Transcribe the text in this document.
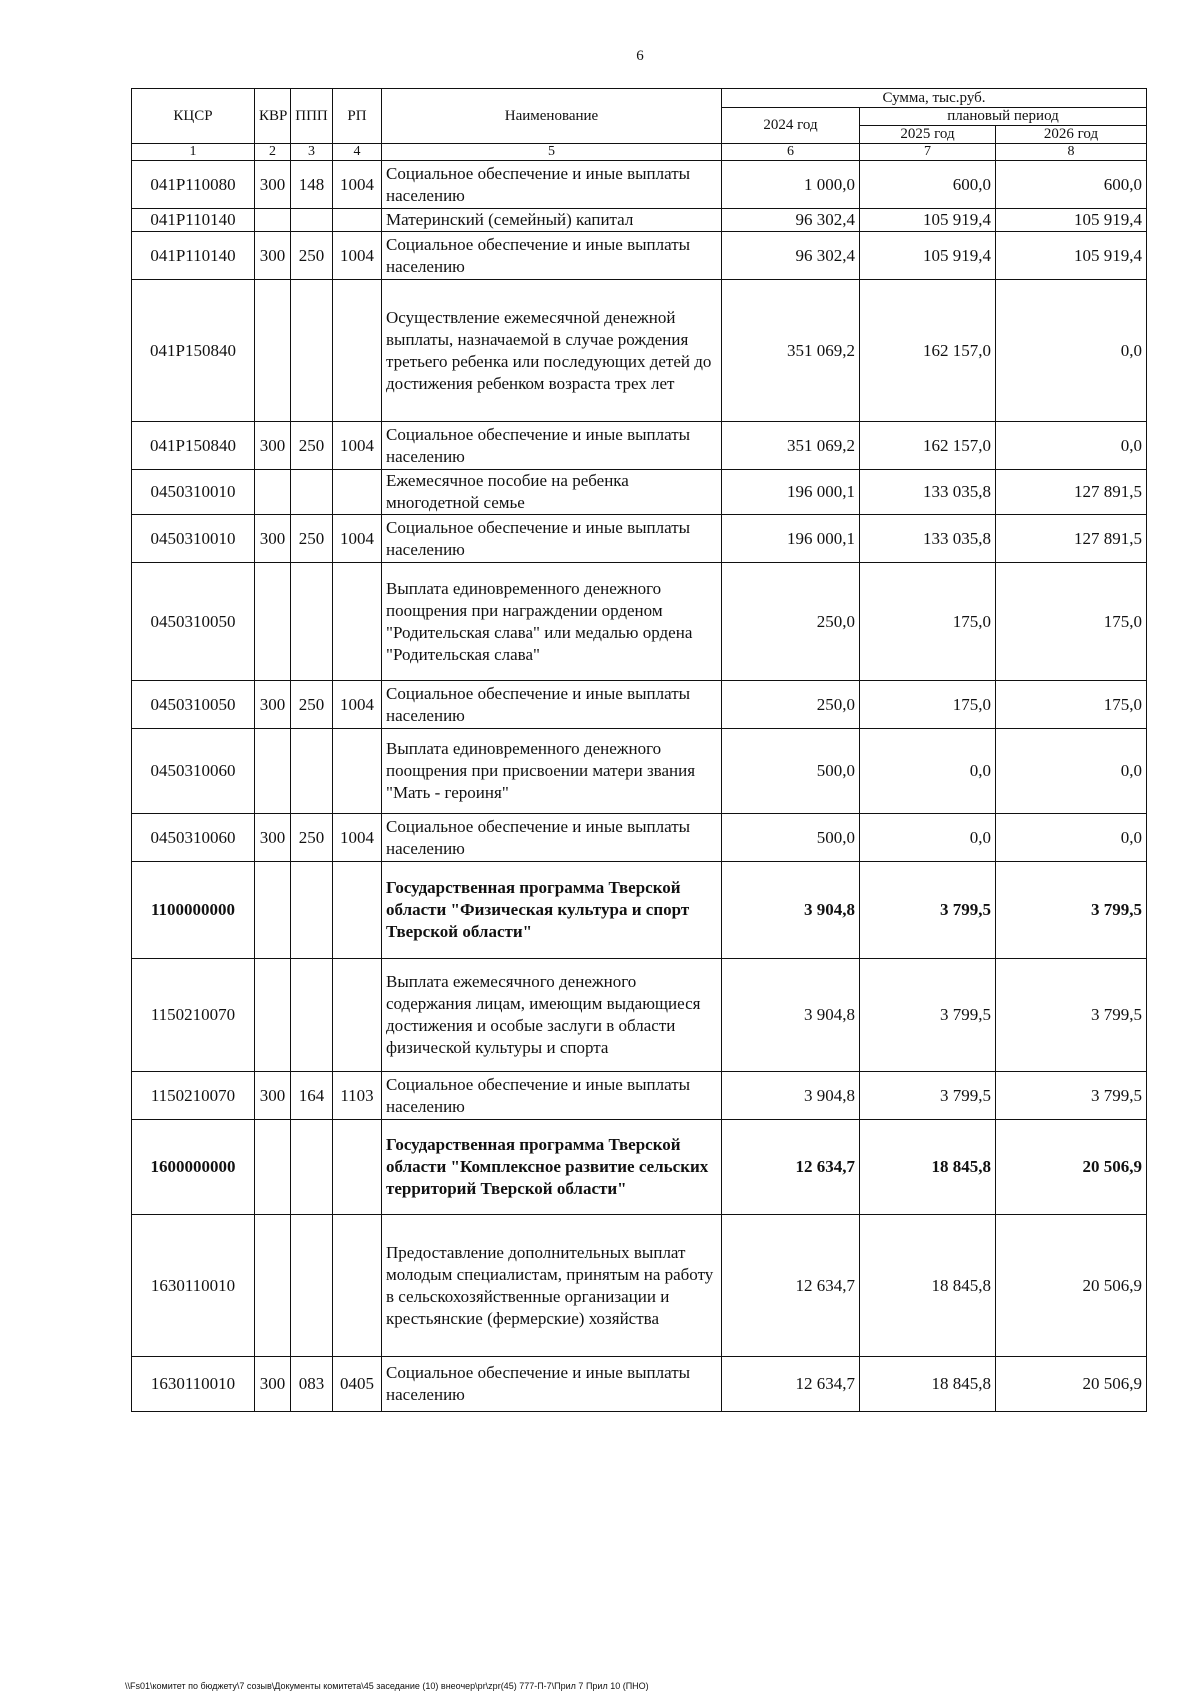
6
КЦСР	КВР	ППП	РП	Наименование	Сумма, тыс.руб.		
					2024 год	плановый период	
						2025 год	2026 год
1	2	3	4	5	6	7	8
041P110080	300	148	1004	Социальное обеспечение и иные выплаты населению	1 000,0	600,0	600,0
041P110140				Материнский (семейный) капитал	96 302,4	105 919,4	105 919,4
041P110140	300	250	1004	Социальное обеспечение и иные выплаты населению	96 302,4	105 919,4	105 919,4
041P150840				Осуществление ежемесячной денежной выплаты, назначаемой в случае рождения третьего ребенка или последующих детей до достижения ребенком возраста трех лет	351 069,2	162 157,0	0,0
041P150840	300	250	1004	Социальное обеспечение и иные выплаты населению	351 069,2	162 157,0	0,0
0450310010				Ежемесячное пособие на ребенка многодетной семье	196 000,1	133 035,8	127 891,5
0450310010	300	250	1004	Социальное обеспечение и иные выплаты населению	196 000,1	133 035,8	127 891,5
0450310050				Выплата единовременного денежного поощрения при награждении орденом "Родительская слава" или медалью ордена "Родительская слава"	250,0	175,0	175,0
0450310050	300	250	1004	Социальное обеспечение и иные выплаты населению	250,0	175,0	175,0
0450310060				Выплата единовременного денежного поощрения при присвоении матери звания "Мать - героиня"	500,0	0,0	0,0
0450310060	300	250	1004	Социальное обеспечение и иные выплаты населению	500,0	0,0	0,0
1100000000				Государственная программа Тверской области "Физическая культура и спорт Тверской области"	3 904,8	3 799,5	3 799,5
1150210070				Выплата ежемесячного денежного содержания лицам, имеющим выдающиеся достижения и особые заслуги в области физической культуры и спорта	3 904,8	3 799,5	3 799,5
1150210070	300	164	1103	Социальное обеспечение и иные выплаты населению	3 904,8	3 799,5	3 799,5
1600000000				Государственная программа Тверской области "Комплексное развитие сельских территорий Тверской области"	12 634,7	18 845,8	20 506,9
1630110010				Предоставление дополнительных выплат молодым специалистам, принятым на работу в сельскохозяйственные организации и крестьянские (фермерские) хозяйства	12 634,7	18 845,8	20 506,9
1630110010	300	083	0405	Социальное обеспечение и иные выплаты населению	12 634,7	18 845,8	20 506,9
\\Fs01\комитет по бюджету\7 созыв\Документы комитета\45 заседание (10) внеочер\pr\zpr(45) 777-П-7\Прил 7 Прил 10 (ПНО)
